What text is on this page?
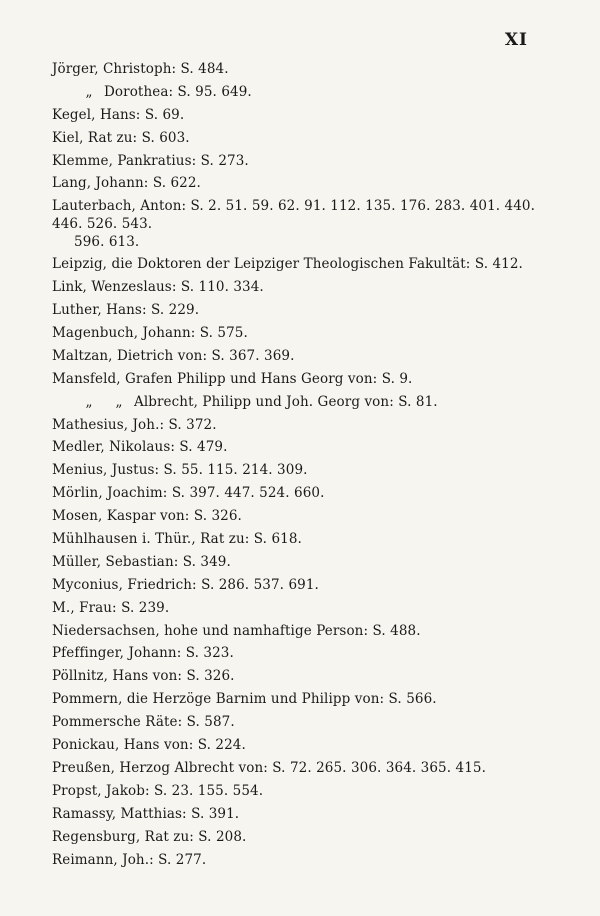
XI
Jörger, Christoph: S. 484.
„ Dorothea: S. 95. 649.
Kegel, Hans: S. 69.
Kiel, Rat zu: S. 603.
Klemme, Pankratius: S. 273.
Lang, Johann: S. 622.
Lauterbach, Anton: S. 2. 51. 59. 62. 91. 112. 135. 176. 283. 401. 440. 446. 526. 543.
596. 613.
Leipzig, die Doktoren der Leipziger Theologischen Fakultät: S. 412.
Link, Wenzeslaus: S. 110. 334.
Luther, Hans: S. 229.
Magenbuch, Johann: S. 575.
Maltzan, Dietrich von: S. 367. 369.
Mansfeld, Grafen Philipp und Hans Georg von: S. 9.
„ „ Albrecht, Philipp und Joh. Georg von: S. 81.
Mathesius, Joh.: S. 372.
Medler, Nikolaus: S. 479.
Menius, Justus: S. 55. 115. 214. 309.
Mörlin, Joachim: S. 397. 447. 524. 660.
Mosen, Kaspar von: S. 326.
Mühlhausen i. Thür., Rat zu: S. 618.
Müller, Sebastian: S. 349.
Myconius, Friedrich: S. 286. 537. 691.
M., Frau: S. 239.
Niedersachsen, hohe und namhaftige Person: S. 488.
Pfeffinger, Johann: S. 323.
Pöllnitz, Hans von: S. 326.
Pommern, die Herzöge Barnim und Philipp von: S. 566.
Pommersche Räte: S. 587.
Ponickau, Hans von: S. 224.
Preußen, Herzog Albrecht von: S. 72. 265. 306. 364. 365. 415.
Propst, Jakob: S. 23. 155. 554.
Ramassy, Matthias: S. 391.
Regensburg, Rat zu: S. 208.
Reimann, Joh.: S. 277.
